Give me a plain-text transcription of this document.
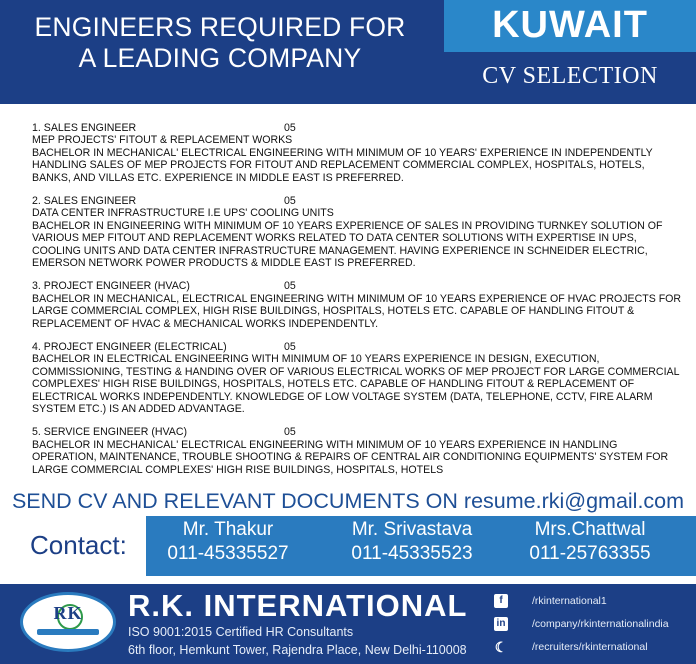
ENGINEERS REQUIRED FOR
A LEADING COMPANY
KUWAIT
CV SELECTION
1. SALES ENGINEER	05
MEP PROJECTS' FITOUT & REPLACEMENT WORKS
BACHELOR IN MECHANICAL' ELECTRICAL ENGINEERING WITH MINIMUM OF 10 YEARS' EXPERIENCE IN INDEPENDENTLY HANDLING SALES OF MEP PROJECTS FOR FITOUT AND REPLACEMENT COMMERCIAL COMPLEX, HOSPITALS, HOTELS, BANKS, AND VILLAS ETC. EXPERIENCE IN MIDDLE EAST IS PREFERRED.
2. SALES ENGINEER	05
DATA CENTER INFRASTRUCTURE I.E UPS' COOLING UNITS
BACHELOR IN ENGINEERING WITH MINIMUM OF 10 YEARS EXPERIENCE OF SALES IN PROVIDING TURNKEY SOLUTION OF VARIOUS MEP FITOUT AND REPLACEMENT WORKS RELATED TO DATA CENTER SOLUTIONS WITH EXPERTISE IN UPS, COOLING UNITS AND DATA CENTER INFRASTRUCTURE MANAGEMENT. HAVING EXPERIENCE IN SCHNEIDER ELECTRIC, EMERSON NETWORK POWER PRODUCTS & MIDDLE EAST IS PREFERRED.
3. PROJECT ENGINEER (HVAC)	05
BACHELOR IN MECHANICAL, ELECTRICAL ENGINEERING WITH MINIMUM OF 10 YEARS EXPERIENCE OF HVAC PROJECTS FOR LARGE COMMERCIAL COMPLEX, HIGH RISE BUILDINGS, HOSPITALS, HOTELS ETC. CAPABLE OF HANDLING FITOUT & REPLACEMENT OF HVAC & MECHANICAL WORKS INDEPENDENTLY.
4. PROJECT ENGINEER (ELECTRICAL)	05
BACHELOR IN ELECTRICAL ENGINEERING WITH MINIMUM OF 10 YEARS EXPERIENCE IN DESIGN, EXECUTION, COMMISSIONING, TESTING & HANDING OVER OF VARIOUS ELECTRICAL WORKS OF MEP PROJECT FOR LARGE COMMERCIAL COMPLEXES' HIGH RISE BUILDINGS, HOSPITALS, HOTELS ETC. CAPABLE OF HANDLING FITOUT & REPLACEMENT OF ELECTRICAL WORKS INDEPENDENTLY. KNOWLEDGE OF LOW VOLTAGE SYSTEM (DATA, TELEPHONE, CCTV, FIRE ALARM SYSTEM ETC.) IS AN ADDED ADVANTAGE.
5. SERVICE ENGINEER (HVAC)	05
BACHELOR IN MECHANICAL' ELECTRICAL ENGINEERING WITH MINIMUM OF 10 YEARS EXPERIENCE IN HANDLING OPERATION, MAINTENANCE, TROUBLE SHOOTING & REPAIRS OF CENTRAL AIR CONDITIONING EQUIPMENTS' SYSTEM FOR LARGE COMMERCIAL COMPLEXES' HIGH RISE BUILDINGS, HOSPITALS, HOTELS
SEND CV AND RELEVANT DOCUMENTS ON resume.rki@gmail.com
Contact:
Mr. Thakur
011-45335527
Mr. Srivastava
011-45335523
Mrs.Chattwal
011-25763355
RK	R.K. INTERNATIONAL
ISO 9001:2015 Certified HR Consultants
6th floor, Hemkunt Tower, Rajendra Place, New Delhi-110008
f	/rkinternational1
in	/company/rkinternationalindia
☾ /recruiters/rkinternational
